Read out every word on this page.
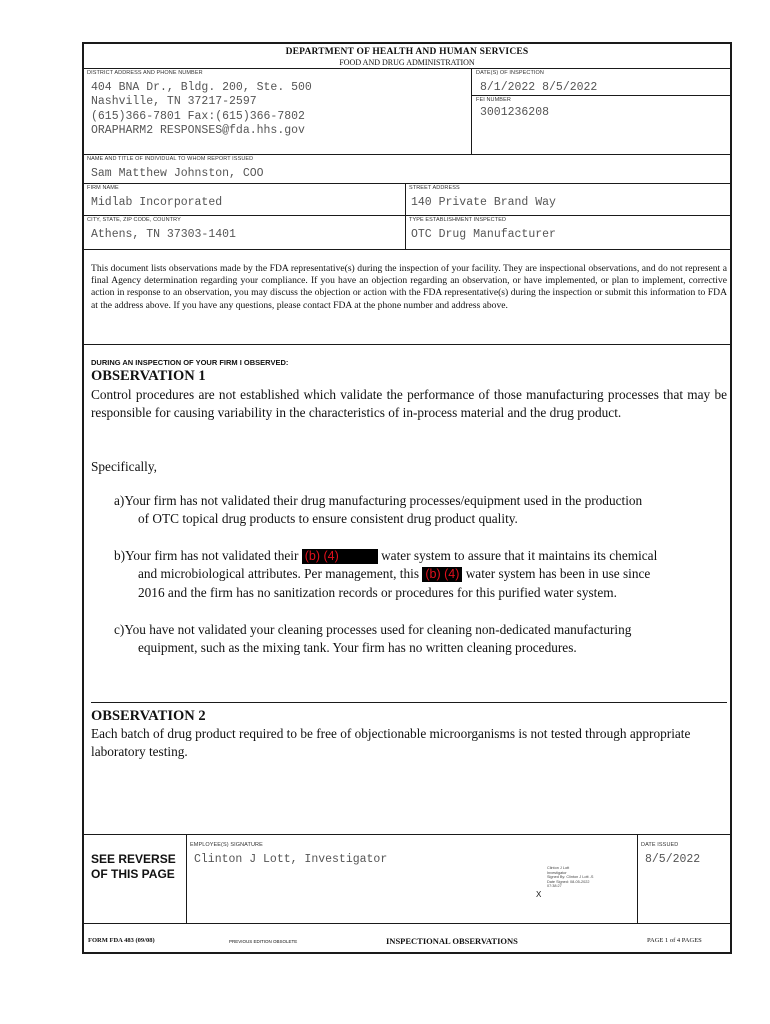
DEPARTMENT OF HEALTH AND HUMAN SERVICES
FOOD AND DRUG ADMINISTRATION
DISTRICT ADDRESS AND PHONE NUMBER
404 BNA Dr., Bldg. 200, Ste. 500
Nashville, TN 37217-2597
(615)366-7801 Fax:(615)366-7802
ORAPHARM2 RESPONSES@fda.hhs.gov
DATE(S) OF INSPECTION
8/1/2022 8/5/2022
FEI NUMBER
3001236208
NAME AND TITLE OF INDIVIDUAL TO WHOM REPORT ISSUED
Sam Matthew Johnston, COO
FIRM NAME
Midlab Incorporated
STREET ADDRESS
140 Private Brand Way
CITY, STATE, ZIP CODE, COUNTRY
Athens, TN 37303-1401
TYPE ESTABLISHMENT INSPECTED
OTC Drug Manufacturer
This document lists observations made by the FDA representative(s) during the inspection of your facility. They are inspectional observations, and do not represent a final Agency determination regarding your compliance. If you have an objection regarding an observation, or have implemented, or plan to implement, corrective action in response to an observation, you may discuss the objection or action with the FDA representative(s) during the inspection or submit this information to FDA at the address above. If you have any questions, please contact FDA at the phone number and address above.
DURING AN INSPECTION OF YOUR FIRM I OBSERVED:
OBSERVATION 1
Control procedures are not established which validate the performance of those manufacturing processes that may be responsible for causing variability in the characteristics of in-process material and the drug product.
Specifically,
a)Your firm has not validated their drug manufacturing processes/equipment used in the production
of OTC topical drug products to ensure consistent drug product quality.
b)Your firm has not validated their (b) (4)	water system to assure that it maintains its chemical
and microbiological attributes. Per management, this (b) (4) water system has been in use since
2016 and the firm has no sanitization records or procedures for this purified water system.
c)You have not validated your cleaning processes used for cleaning non-dedicated manufacturing
equipment, such as the mixing tank. Your firm has no written cleaning procedures.
OBSERVATION 2
Each batch of drug product required to be free of objectionable microorganisms is not tested through appropriate laboratory testing.
SEE REVERSE OF THIS PAGE
EMPLOYEE(S) SIGNATURE
Clinton J Lott, Investigator
DATE ISSUED
8/5/2022
Clinton J Lott
Investigator
Signed By: Clinton J Lott -S
Date Signed: 08-05-2022
07:38:27
X
FORM FDA 483 (09/08)	PREVIOUS EDITION OBSOLETE	INSPECTIONAL OBSERVATIONS	PAGE 1 of 4 PAGES
